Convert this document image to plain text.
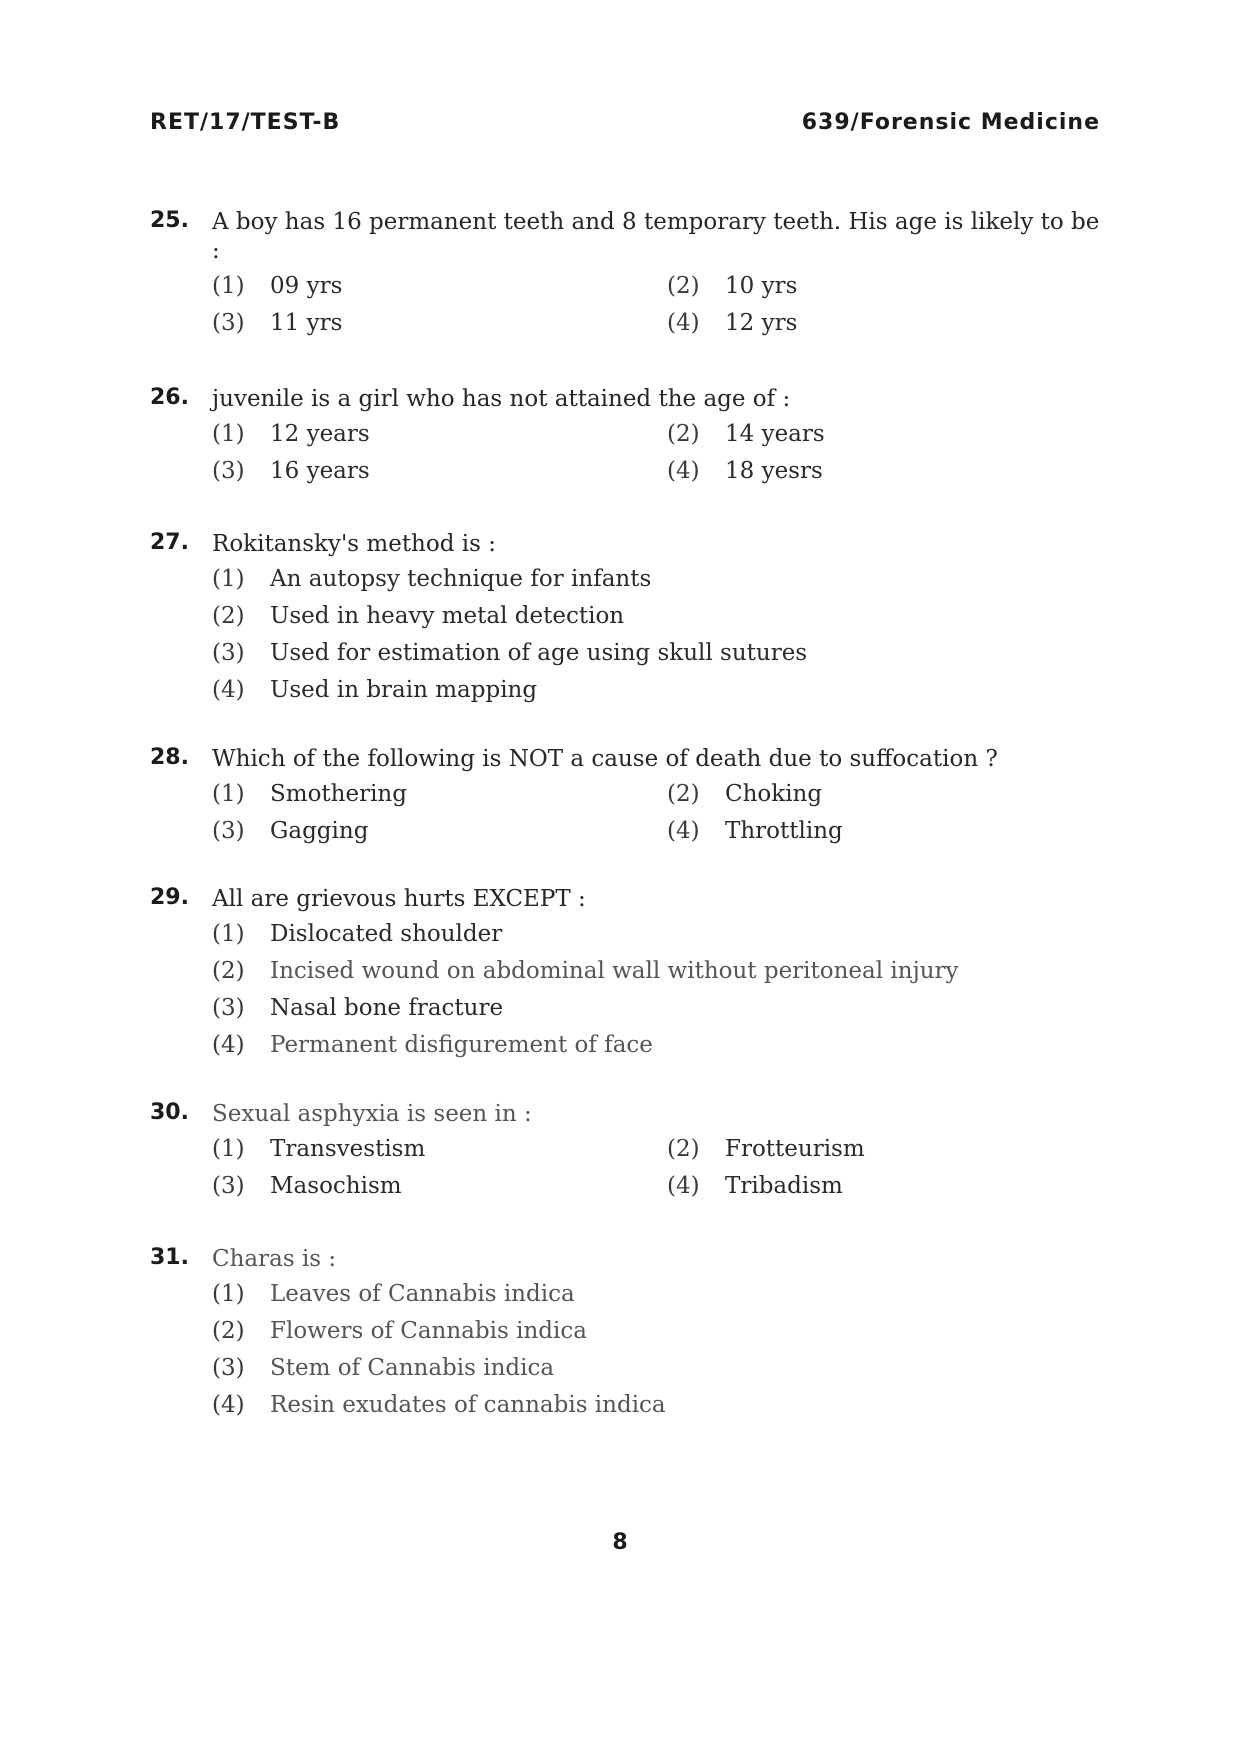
RET/17/TEST-B	639/Forensic Medicine
25. A boy has 16 permanent teeth and 8 temporary teeth. His age is likely to be :
(1) 09 yrs	(2) 10 yrs
(3) 11 yrs	(4) 12 yrs
26. juvenile is a girl who has not attained the age of :
(1) 12 years	(2) 14 years
(3) 16 years	(4) 18 yesrs
27. Rokitansky's method is :
(1) An autopsy technique for infants
(2) Used in heavy metal detection
(3) Used for estimation of age using skull sutures
(4) Used in brain mapping
28. Which of the following is NOT a cause of death due to suffocation ?
(1) Smothering	(2) Choking
(3) Gagging	(4) Throttling
29. All are grievous hurts EXCEPT :
(1) Dislocated shoulder
(2) Incised wound on abdominal wall without peritoneal injury
(3) Nasal bone fracture
(4) Permanent disfigurement of face
30. Sexual asphyxia is seen in :
(1) Transvestism	(2) Frotteurism
(3) Masochism	(4) Tribadism
31. Charas is :
(1) Leaves of Cannabis indica
(2) Flowers of Cannabis indica
(3) Stem of Cannabis indica
(4) Resin exudates of cannabis indica
8
